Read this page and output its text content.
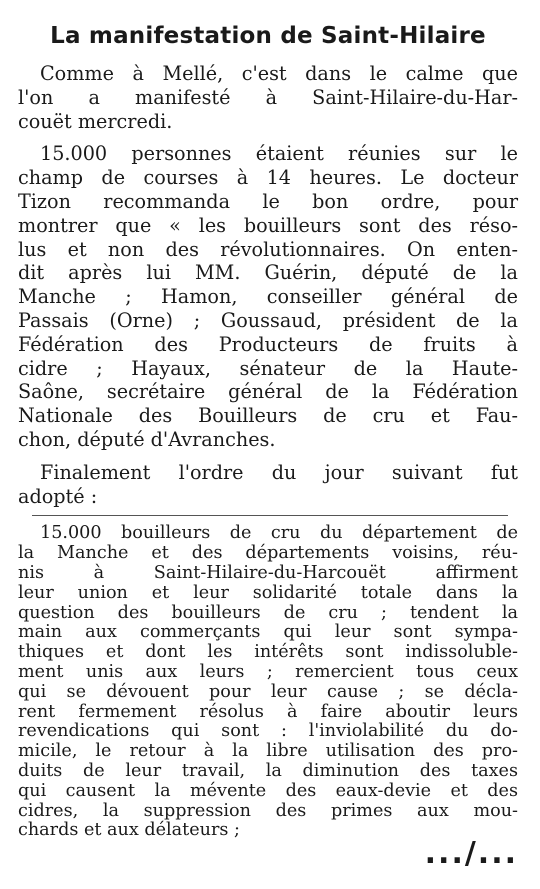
La manifestation de Saint-Hilaire
Comme à Mellé, c'est dans le calme que
l'on a manifesté à Saint-Hilaire-du-Har-
couët mercredi.
15.000 personnes étaient réunies sur le
champ de courses à 14 heures. Le docteur
Tizon recommanda le bon ordre, pour
montrer que « les bouilleurs sont des réso-
lus et non des révolutionnaires. On enten-
dit après lui MM. Guérin, député de la
Manche ; Hamon, conseiller général de
Passais (Orne) ; Goussaud, président de la
Fédération des Producteurs de fruits à
cidre ; Hayaux, sénateur de la Haute-
Saône, secrétaire général de la Fédération
Nationale des Bouilleurs de cru et Fau-
chon, député d'Avranches.
Finalement l'ordre du jour suivant fut
adopté :
15.000 bouilleurs de cru du département de
la Manche et des départements voisins, réu-
nis à Saint-Hilaire-du-Harcouët affirment
leur union et leur solidarité totale dans la
question des bouilleurs de cru ; tendent la
main aux commerçants qui leur sont sympa-
thiques et dont les intérêts sont indissoluble-
ment unis aux leurs ; remercient tous ceux
qui se dévouent pour leur cause ; se décla-
rent fermement résolus à faire aboutir leurs
revendications qui sont : l'inviolabilité du do-
micile, le retour à la libre utilisation des pro-
duits de leur travail, la diminution des taxes
qui causent la mévente des eaux-devie et des
cidres, la suppression des primes aux mou-
chards et aux délateurs ;
.../...
